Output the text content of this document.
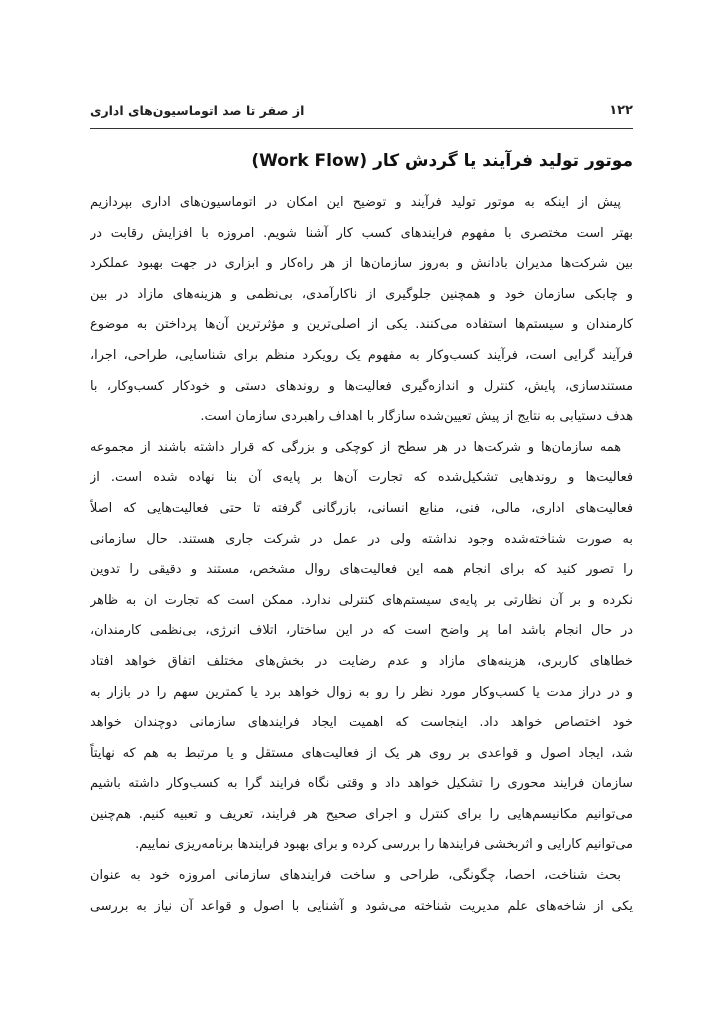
از صفر تا صد اتوماسیون‌های اداری	۱۲۲
موتور تولید فرآیند یا گردش کار (Work Flow)
پیش از اینکه به موتور تولید فرآیند و توضیح این امکان در اتوماسیون‌های اداری بپردازیم
بهتر است مختصری با مفهوم فرایندهای کسب کار آشنا شویم. امروزه با افزایش رقابت در
بین شرکت‌ها مدیران بادانش و به‌روز سازمان‌ها از هر راه‌کار و ابزاری در جهت بهبود عملکرد
و چابکی سازمان خود و همچنین جلوگیری از ناکارآمدی، بی‌نظمی و هزینه‌های مازاد در بین
کارمندان و سیستم‌ها استفاده می‌کنند. یکی از اصلی‌ترین و مؤثرترین آن‌ها پرداختن به موضوع
فرآیند گرایی است، فرآیند کسب‌وکار به مفهوم یک رویکرد منظم برای شناسایی، طراحی، اجرا،
مستندسازی، پایش، کنترل و اندازه‌گیری فعالیت‌ها و روندهای دستی و خودکار کسب‌وکار، با
هدف دستیابی به نتایج از پیش تعیین‌شده سازگار با اهداف راهبردی سازمان است.
همه سازمان‌ها و شرکت‌ها در هر سطح از کوچکی و بزرگی که قرار داشته باشند از مجموعه
فعالیت‌ها و روندهایی تشکیل‌شده که تجارت آن‌ها بر پایه‌ی آن بنا نهاده شده است. از
فعالیت‌های اداری، مالی، فنی، منابع انسانی، بازرگانی گرفته تا حتی فعالیت‌هایی که اصلاً
به صورت شناخته‌شده وجود نداشته ولی در عمل در شرکت جاری هستند. حال سازمانی
را تصور کنید که برای انجام همه این فعالیت‌های روال مشخص، مستند و دقیقی را تدوین
نکرده و بر آن نظارتی بر پایه‌ی سیستم‌های کنترلی ندارد. ممکن است که تجارت ان به ظاهر
در حال انجام باشد اما پر واضح است که در این ساختار، اتلاف انرژی، بی‌نظمی کارمندان،
خطاهای کاربری، هزینه‌های مازاد و عدم رضایت در بخش‌های مختلف اتفاق خواهد افتاد
و در دراز مدت یا کسب‌وکار مورد نظر را رو به زوال خواهد برد یا کمترین سهم را در بازار به
خود اختصاص خواهد داد. اینجاست که اهمیت ایجاد فرایندهای سازمانی دوچندان خواهد
شد، ایجاد اصول و قواعدی بر روی هر یک از فعالیت‌های مستقل و یا مرتبط به هم که نهایتاً
سازمان فرایند محوری را تشکیل خواهد داد و وقتی نگاه فرایند گرا به کسب‌وکار داشته باشیم
می‌توانیم مکانیسم‌هایی را برای کنترل و اجرای صحیح هر فرایند، تعریف و تعبیه کنیم. هم‌چنین
می‌توانیم کارایی و اثربخشی فرایندها را بررسی کرده و برای بهبود فرایندها برنامه‌ریزی نماییم.
بحث شناخت، احصا، چگونگی، طراحی و ساخت فرایندهای سازمانی امروزه خود به عنوان
یکی از شاخه‌های علم مدیریت شناخته می‌شود و آشنایی با اصول و قواعد آن نیاز به بررسی
